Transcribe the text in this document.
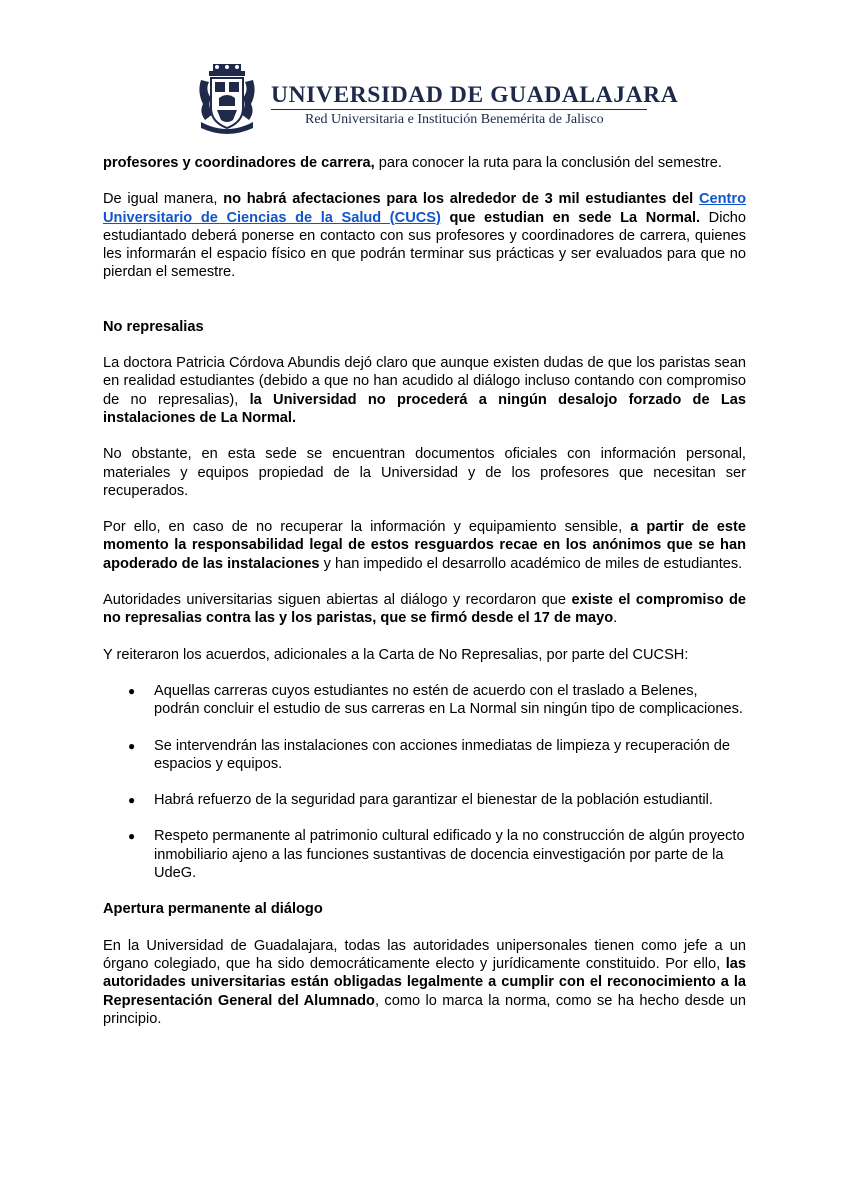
UNIVERSIDAD DE GUADALAJARA
Red Universitaria e Institución Benemérita de Jalisco

profesores y coordinadores de carrera, para conocer la ruta para la conclusión del semestre.

De igual manera, no habrá afectaciones para los alrededor de 3 mil estudiantes del Centro Universitario de Ciencias de la Salud (CUCS) que estudian en sede La Normal. Dicho estudiantado deberá ponerse en contacto con sus profesores y coordinadores de carrera, quienes les informarán el espacio físico en que podrán terminar sus prácticas y ser evaluados para que no pierdan el semestre.

No represalias

La doctora Patricia Córdova Abundis dejó claro que aunque existen dudas de que los paristas sean en realidad estudiantes (debido a que no han acudido al diálogo incluso contando con compromiso de no represalias), la Universidad no procederá a ningún desalojo forzado de Las instalaciones de La Normal.

No obstante, en esta sede se encuentran documentos oficiales con información personal, materiales y equipos propiedad de la Universidad y de los profesores que necesitan ser recuperados.

Por ello, en caso de no recuperar la información y equipamiento sensible, a partir de este momento la responsabilidad legal de estos resguardos recae en los anónimos que se han apoderado de las instalaciones y han impedido el desarrollo académico de miles de estudiantes.

Autoridades universitarias siguen abiertas al diálogo y recordaron que existe el compromiso de no represalias contra las y los paristas, que se firmó desde el 17 de mayo.

Y reiteraron los acuerdos, adicionales a la Carta de No Represalias, por parte del CUCSH:

● Aquellas carreras cuyos estudiantes no estén de acuerdo con el traslado a Belenes, podrán concluir el estudio de sus carreras en La Normal sin ningún tipo de complicaciones.
● Se intervendrán las instalaciones con acciones inmediatas de limpieza y recuperación de espacios y equipos.
● Habrá refuerzo de la seguridad para garantizar el bienestar de la población estudiantil.
● Respeto permanente al patrimonio cultural edificado y la no construcción de algún proyecto inmobiliario ajeno a las funciones sustantivas de docencia einvestigación por parte de la UdeG.
Apertura permanente al diálogo

En la Universidad de Guadalajara, todas las autoridades unipersonales tienen como jefe a un órgano colegiado, que ha sido democráticamente electo y jurídicamente constituido. Por ello, las autoridades universitarias están obligadas legalmente a cumplir con el reconocimiento a la Representación General del Alumnado, como lo marca la norma, como se ha hecho desde un principio.
